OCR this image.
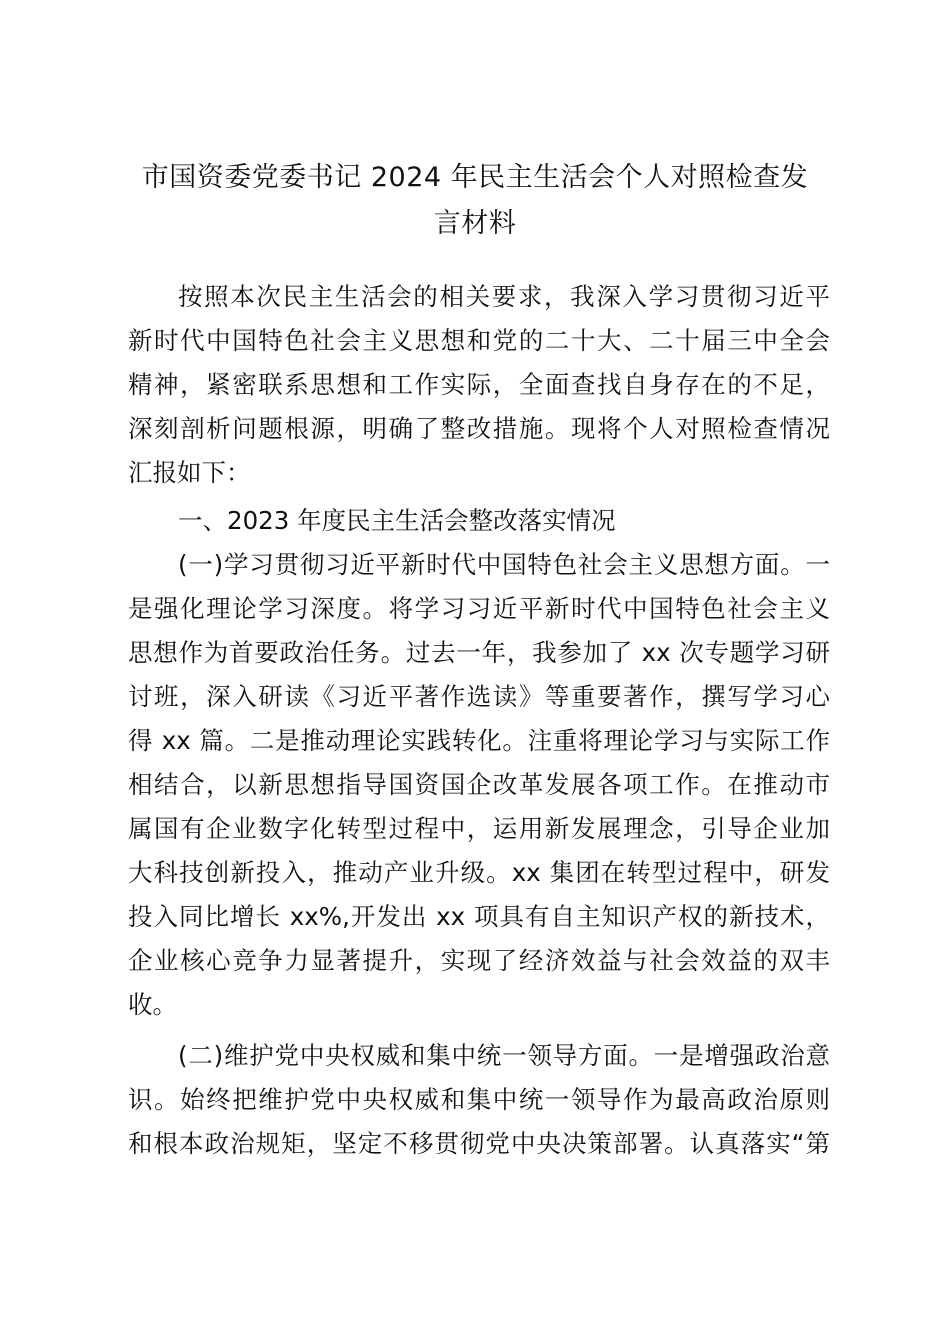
市国资委党委书记 2024 年民主生活会个人对照检查发
言材料
按照本次民主生活会的相关要求，我深入学习贯彻习近平
新时代中国特色社会主义思想和党的二十大、二十届三中全会
精神，紧密联系思想和工作实际，全面查找自身存在的不足，
深刻剖析问题根源，明确了整改措施。现将个人对照检查情况
汇报如下：
一、2023 年度民主生活会整改落实情况
(一)学习贯彻习近平新时代中国特色社会主义思想方面。一
是强化理论学习深度。将学习习近平新时代中国特色社会主义
思想作为首要政治任务。过去一年，我参加了 xx 次专题学习研
讨班，深入研读《习近平著作选读》等重要著作，撰写学习心
得 xx 篇。二是推动理论实践转化。注重将理论学习与实际工作
相结合，以新思想指导国资国企改革发展各项工作。在推动市
属国有企业数字化转型过程中，运用新发展理念，引导企业加
大科技创新投入，推动产业升级。xx 集团在转型过程中，研发
投入同比增长 xx%,开发出 xx 项具有自主知识产权的新技术，
企业核心竞争力显著提升，实现了经济效益与社会效益的双丰
收。
(二)维护党中央权威和集中统一领导方面。一是增强政治意
识。始终把维护党中央权威和集中统一领导作为最高政治原则
和根本政治规矩，坚定不移贯彻党中央决策部署。认真落实“第
